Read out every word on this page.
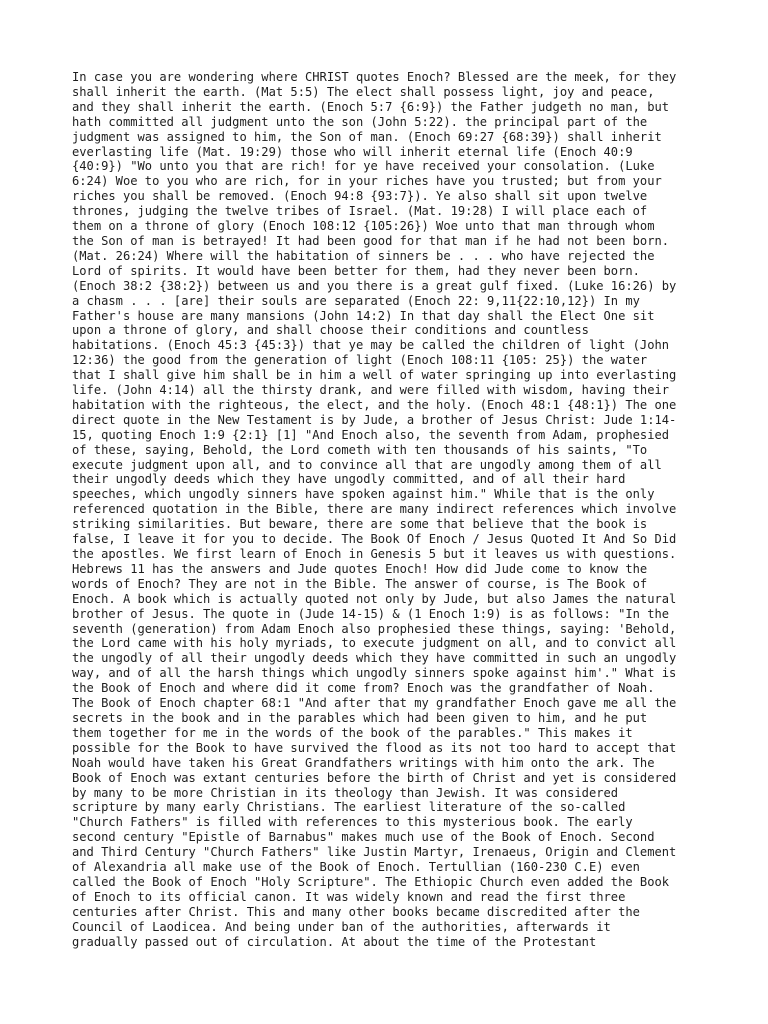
In case you are wondering where CHRIST quotes Enoch? Blessed are the meek, for they
shall inherit the earth. (Mat 5:5) The elect shall possess light, joy and peace,
and they shall inherit the earth. (Enoch 5:7 {6:9}) the Father judgeth no man, but
hath committed all judgment unto the son (John 5:22). the principal part of the
judgment was assigned to him, the Son of man. (Enoch 69:27 {68:39}) shall inherit
everlasting life (Mat. 19:29) those who will inherit eternal life (Enoch 40:9
{40:9}) "Wo unto you that are rich! for ye have received your consolation. (Luke
6:24) Woe to you who are rich, for in your riches have you trusted; but from your
riches you shall be removed. (Enoch 94:8 {93:7}). Ye also shall sit upon twelve
thrones, judging the twelve tribes of Israel. (Mat. 19:28) I will place each of
them on a throne of glory (Enoch 108:12 {105:26}) Woe unto that man through whom
the Son of man is betrayed! It had been good for that man if he had not been born.
(Mat. 26:24) Where will the habitation of sinners be . . . who have rejected the
Lord of spirits. It would have been better for them, had they never been born.
(Enoch 38:2 {38:2}) between us and you there is a great gulf fixed. (Luke 16:26) by
a chasm . . . [are] their souls are separated (Enoch 22: 9,11{22:10,12}) In my
Father's house are many mansions (John 14:2) In that day shall the Elect One sit
upon a throne of glory, and shall choose their conditions and countless
habitations. (Enoch 45:3 {45:3}) that ye may be called the children of light (John
12:36) the good from the generation of light (Enoch 108:11 {105: 25}) the water
that I shall give him shall be in him a well of water springing up into everlasting
life. (John 4:14) all the thirsty drank, and were filled with wisdom, having their
habitation with the righteous, the elect, and the holy. (Enoch 48:1 {48:1}) The one
direct quote in the New Testament is by Jude, a brother of Jesus Christ: Jude 1:14-
15, quoting Enoch 1:9 {2:1} [1] "And Enoch also, the seventh from Adam, prophesied
of these, saying, Behold, the Lord cometh with ten thousands of his saints, "To
execute judgment upon all, and to convince all that are ungodly among them of all
their ungodly deeds which they have ungodly committed, and of all their hard
speeches, which ungodly sinners have spoken against him." While that is the only
referenced quotation in the Bible, there are many indirect references which involve
striking similarities. But beware, there are some that believe that the book is
false, I leave it for you to decide. The Book Of Enoch / Jesus Quoted It And So Did
the apostles. We first learn of Enoch in Genesis 5 but it leaves us with questions.
Hebrews 11 has the answers and Jude quotes Enoch! How did Jude come to know the
words of Enoch? They are not in the Bible. The answer of course, is The Book of
Enoch. A book which is actually quoted not only by Jude, but also James the natural
brother of Jesus. The quote in (Jude 14-15) & (1 Enoch 1:9) is as follows: "In the
seventh (generation) from Adam Enoch also prophesied these things, saying: 'Behold,
the Lord came with his holy myriads, to execute judgment on all, and to convict all
the ungodly of all their ungodly deeds which they have committed in such an ungodly
way, and of all the harsh things which ungodly sinners spoke against him'." What is
the Book of Enoch and where did it come from? Enoch was the grandfather of Noah.
The Book of Enoch chapter 68:1 "And after that my grandfather Enoch gave me all the
secrets in the book and in the parables which had been given to him, and he put
them together for me in the words of the book of the parables." This makes it
possible for the Book to have survived the flood as its not too hard to accept that
Noah would have taken his Great Grandfathers writings with him onto the ark. The
Book of Enoch was extant centuries before the birth of Christ and yet is considered
by many to be more Christian in its theology than Jewish. It was considered
scripture by many early Christians. The earliest literature of the so-called
"Church Fathers" is filled with references to this mysterious book. The early
second century "Epistle of Barnabus" makes much use of the Book of Enoch. Second
and Third Century "Church Fathers" like Justin Martyr, Irenaeus, Origin and Clement
of Alexandria all make use of the Book of Enoch. Tertullian (160-230 C.E) even
called the Book of Enoch "Holy Scripture". The Ethiopic Church even added the Book
of Enoch to its official canon. It was widely known and read the first three
centuries after Christ. This and many other books became discredited after the
Council of Laodicea. And being under ban of the authorities, afterwards it
gradually passed out of circulation. At about the time of the Protestant
